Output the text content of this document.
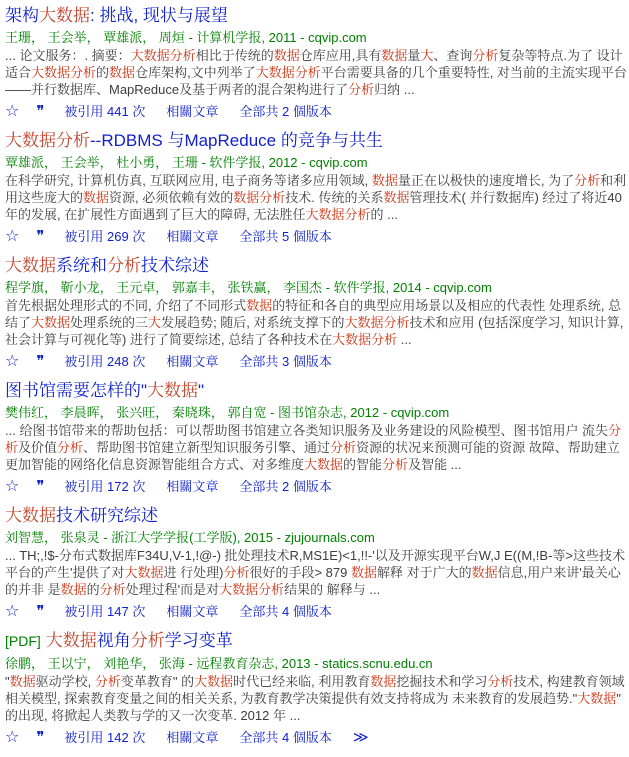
架构大数据: 挑战, 现状与展望
王珊， 王会举， 覃雄派， 周烜 - 计算机学报, 2011 - cqvip.com
... 论文服务：. 摘要：大数据分析相比于传统的数据仓库应用,具有数据量大、查询分析复杂等特点.为了 设计适合大数据分析的数据仓库架构,文中列举了大数据分析平台需要具备的几个重要特性, 对当前的主流实现平台——并行数据库、MapReduce及基于两者的混合架构进行了分析归纳 ...
☆ ❞ 被引用 441 次 相關文章 全部共 2 個版本
大数据分析--RDBMS 与MapReduce 的竞争与共生
覃雄派， 王会举， 杜小勇， 王珊 - 软件学报, 2012 - cqvip.com
在科学研究, 计算机仿真, 互联网应用, 电子商务等诸多应用领域, 数据量正在以极快的速度增长, 为了分析和利用这些庞大的数据资源, 必须依赖有效的数据分析技术. 传统的关系数据管理技术( 并行数据库) 经过了将近40 年的发展, 在扩展性方面遇到了巨大的障碍, 无法胜任大数据分析的 ...
☆ ❞ 被引用 269 次 相關文章 全部共 5 個版本
大数据系统和分析技术综述
程学旗， 靳小龙， 王元卓， 郭嘉丰， 张铁赢， 李国杰 - 软件学报, 2014 - cqvip.com
首先根据处理形式的不同, 介绍了不同形式数据的特征和各自的典型应用场景以及相应的代表性 处理系统, 总结了大数据处理系统的三大发展趋势; 随后, 对系统支撑下的大数据分析技术和应用 (包括深度学习, 知识计算, 社会计算与可视化等) 进行了简要综述, 总结了各种技术在大数据分析 ...
☆ ❞ 被引用 248 次 相關文章 全部共 3 個版本
图书馆需要怎样的"大数据"
樊伟红， 李晨晖， 张兴旺， 秦晓珠， 郭自宽 - 图书馆杂志, 2012 - cqvip.com
... 给图书馆带来的帮助包括：可以帮助图书馆建立各类知识服务及业务建设的风险模型、图书馆用户 流失分析及价值分析、帮助图书馆建立新型知识服务引擎、通过分析资源的状况来预测可能的资源 故障、帮助建立更加智能的网络化信息资源智能组合方式、对多维度大数据的智能分析及智能 ...
☆ ❞ 被引用 172 次 相關文章 全部共 2 個版本
大数据技术研究综述
刘智慧， 张泉灵 - 浙江大学学报(工学版), 2015 - zjujournals.com
... TH;,!$-分布式数据库F34U,V-1,!@-) 批处理技术R,MS1E)<1,!!-'以及开源实现平台W,J E((M,!B-等>这些技术平台的产生'提供了对大数据进 行处理)分析很好的手段> 879 数据解释 对于广大的数据信息,用户来讲'最关心的并非 是数据的分析处理过程'而是对大数据分析结果的 解释与 ...
☆ ❞ 被引用 147 次 相關文章 全部共 4 個版本
[PDF] 大数据视角分析学习变革
徐鹏， 王以宁， 刘艳华， 张海 - 远程教育杂志, 2013 - statics.scnu.edu.cn
"数据驱动学校, 分析变革教育" 的大数据时代已经来临, 利用教育数据挖掘技术和学习分析技术, 构建教育领域相关模型, 探索教育变量之间的相关关系, 为教育教学决策提供有效支持将成为 未来教育的发展趋势."大数据" 的出现, 将掀起人类教与学的又一次变革. 2012 年 ...
☆ ❞ 被引用 142 次 相關文章 全部共 4 個版本 ≫
